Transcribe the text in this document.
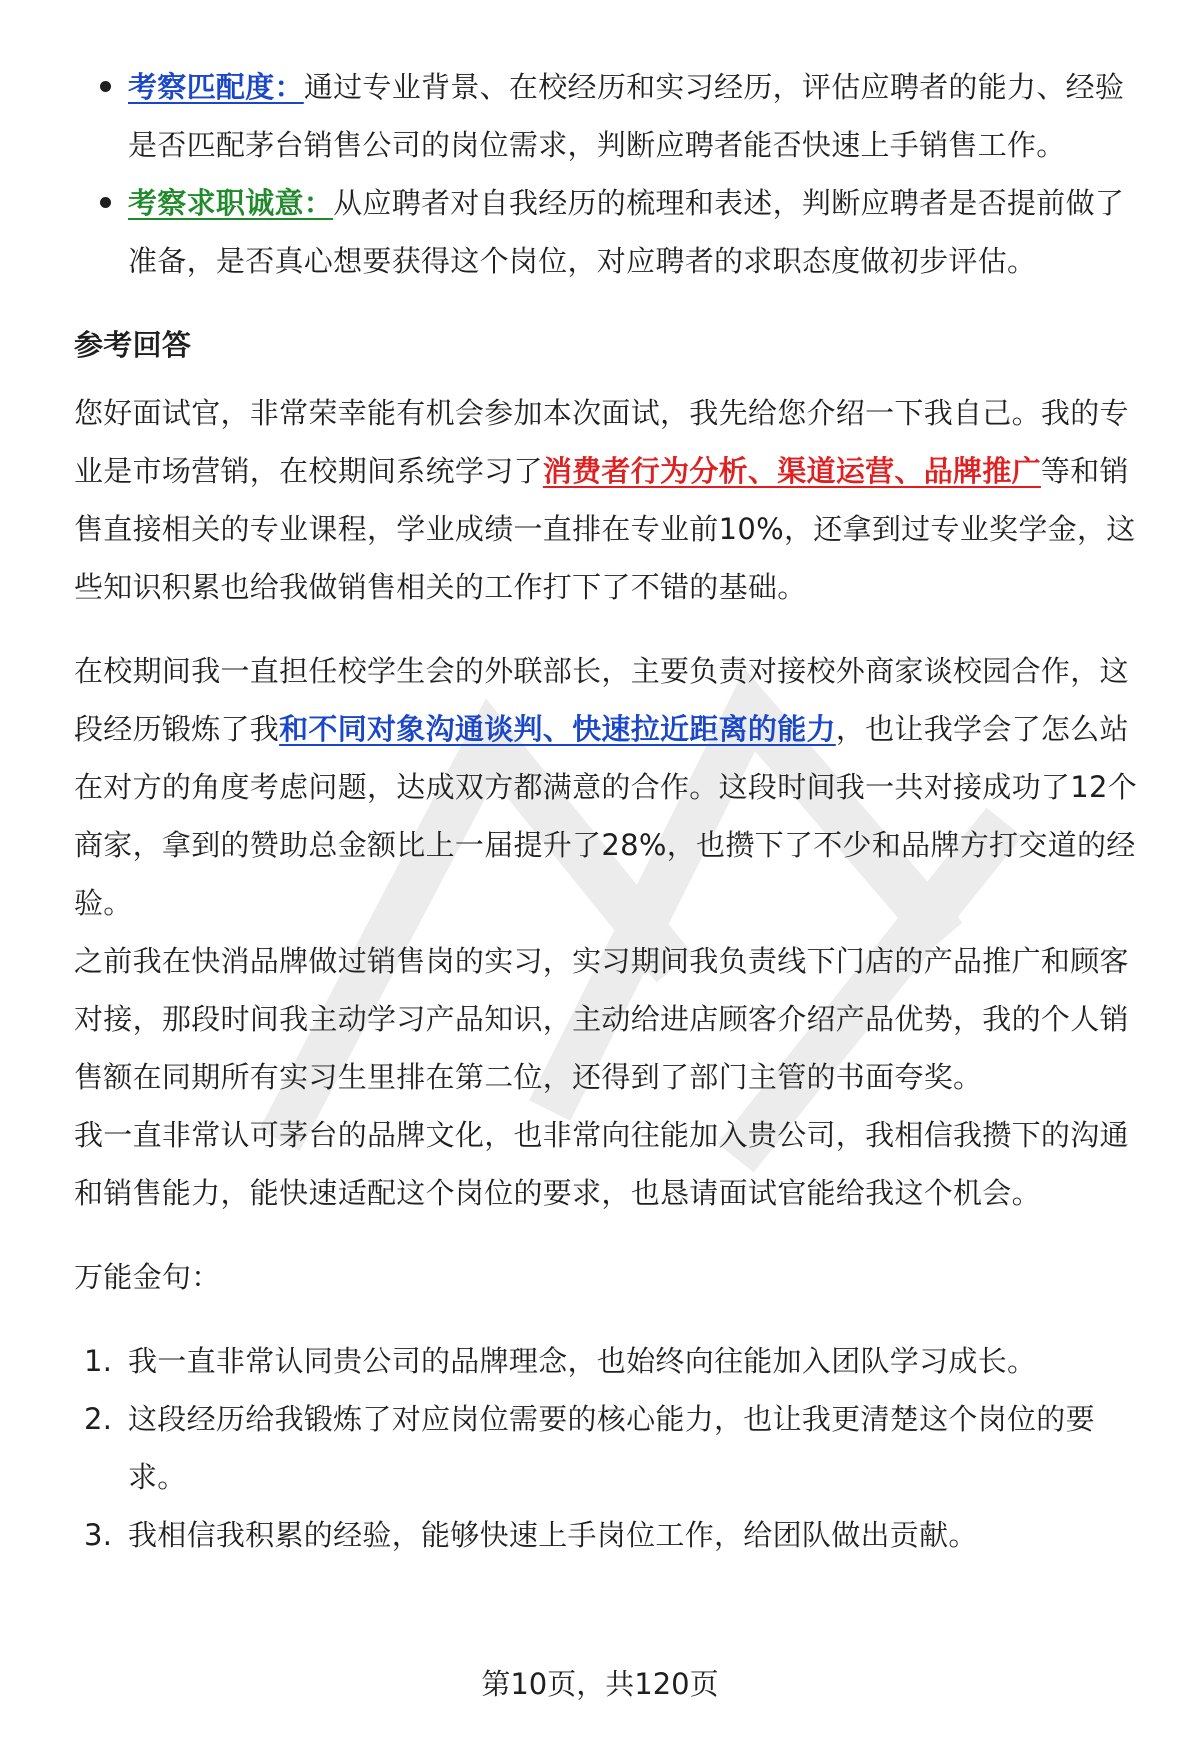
考察匹配度：通过专业背景、在校经历和实习经历，评估应聘者的能力、经验是否匹配茅台销售公司的岗位需求，判断应聘者能否快速上手销售工作。
考察求职诚意：从应聘者对自我经历的梳理和表述，判断应聘者是否提前做了准备，是否真心想要获得这个岗位，对应聘者的求职态度做初步评估。
参考回答

您好面试官，非常荣幸能有机会参加本次面试，我先给您介绍一下我自己。我的专业是市场营销，在校期间系统学习了消费者行为分析、渠道运营、品牌推广等和销售直接相关的专业课程，学业成绩一直排在专业前10%，还拿到过专业奖学金，这些知识积累也给我做销售相关的工作打下了不错的基础。

在校期间我一直担任校学生会的外联部长，主要负责对接校外商家谈校园合作，这段经历锻炼了我和不同对象沟通谈判、快速拉近距离的能力，也让我学会了怎么站在对方的角度考虑问题，达成双方都满意的合作。这段时间我一共对接成功了12个商家，拿到的赞助总金额比上一届提升了28%，也攒下了不少和品牌方打交道的经验。

之前我在快消品牌做过销售岗的实习，实习期间我负责线下门店的产品推广和顾客对接，那段时间我主动学习产品知识，主动给进店顾客介绍产品优势，我的个人销售额在同期所有实习生里排在第二位，还得到了部门主管的书面夸奖。

我一直非常认可茅台的品牌文化，也非常向往能加入贵公司，我相信我攒下的沟通和销售能力，能快速适配这个岗位的要求，也恳请面试官能给我这个机会。

万能金句：

1. 我一直非常认同贵公司的品牌理念，也始终向往能加入团队学习成长。
2. 这段经历给我锻炼了对应岗位需要的核心能力，也让我更清楚这个岗位的要求。
3. 我相信我积累的经验，能够快速上手岗位工作，给团队做出贡献。
第10页，共120页
